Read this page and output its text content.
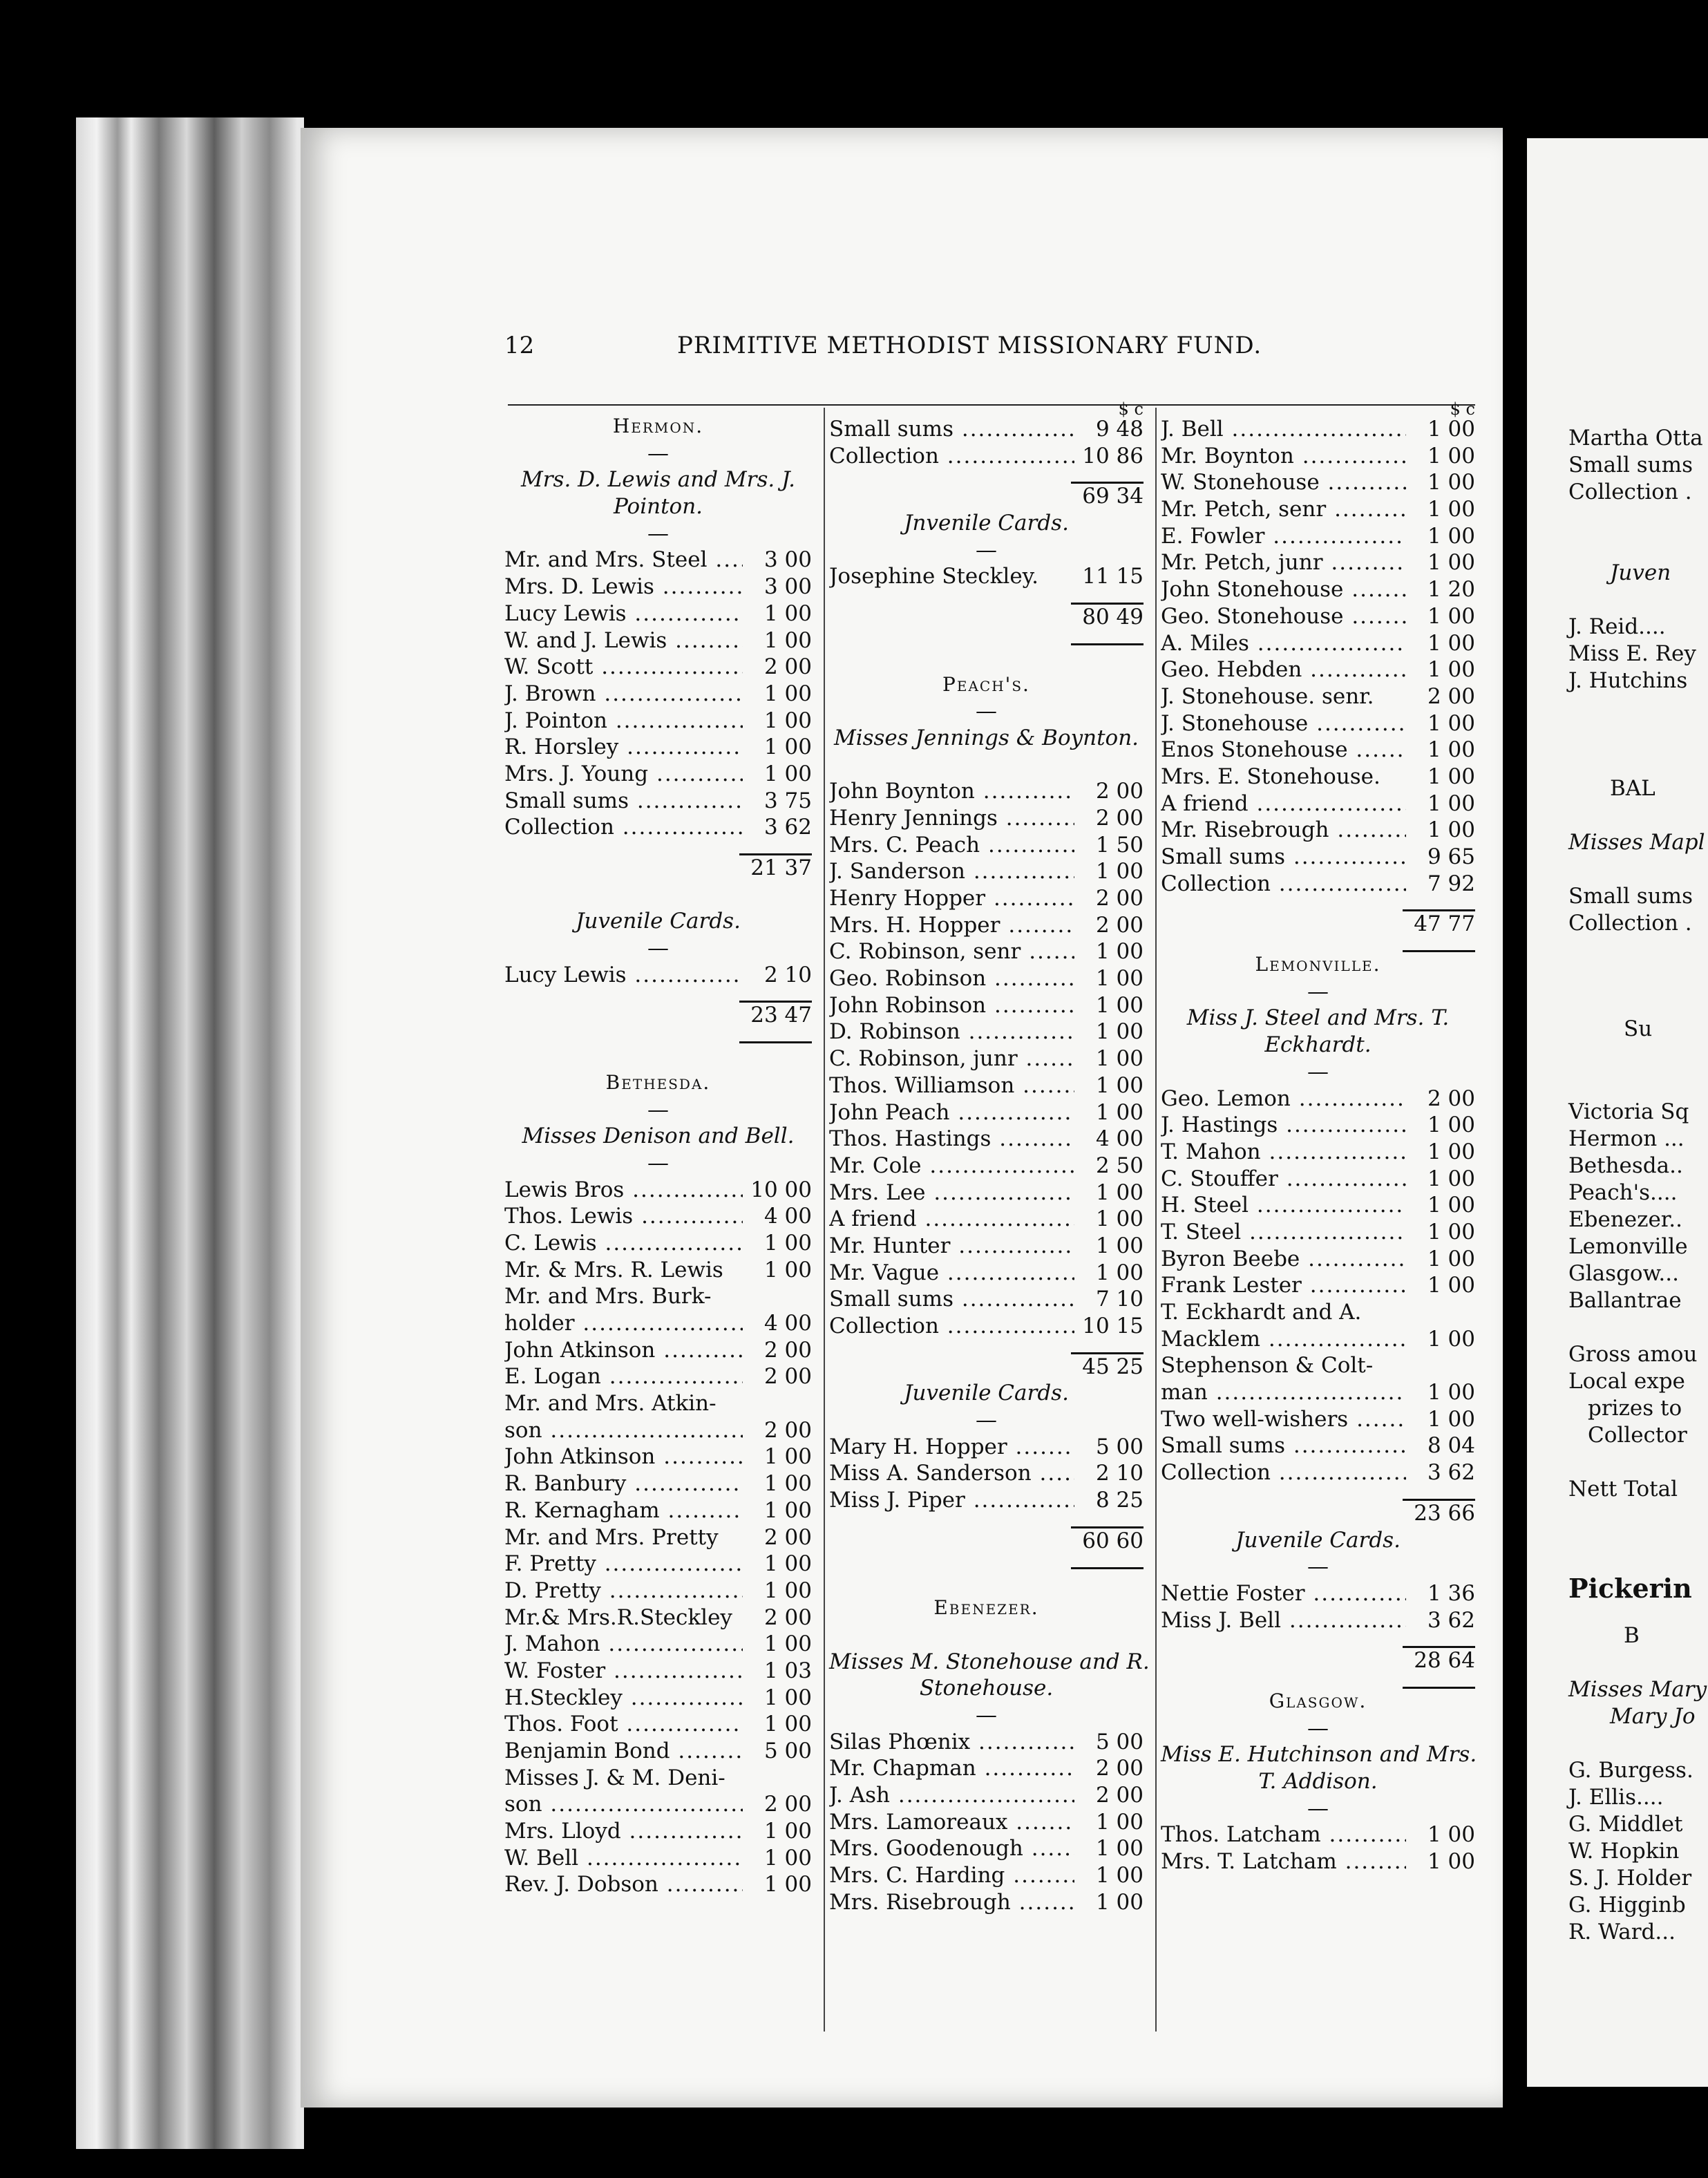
12	PRIMITIVE METHODIST MISSIONARY FUND.
Hermon.
—
Mrs. D. Lewis and Mrs. J.
Pointon.
—
Mr. and Mrs. Steel .....	3 00
Mrs. D. Lewis .....	3 00
Lucy Lewis .....	1 00
W. and J. Lewis .....	1 00
W. Scott .....	2 00
J. Brown .....	1 00
J. Pointon .....	1 00
R. Horsley .....	1 00
Mrs. J. Young .....	1 00
Small sums .....	3 75
Collection .....	3 62
21 37
Juvenile Cards.
—
Lucy Lewis .....	2 10
23 47
Bethesda.
—
Misses Denison and Bell.
—
Lewis Bros .....	10 00
Thos. Lewis .....	4 00
C. Lewis .....	1 00
Mr. & Mrs. R. Lewis	1 00
Mr. and Mrs. Burk-
holder .....	4 00
John Atkinson .....	2 00
E. Logan .....	2 00
Mr. and Mrs. Atkin-
son .....	2 00
John Atkinson .....	1 00
R. Banbury .....	1 00
R. Kernagham .....	1 00
Mr. and Mrs. Pretty	2 00
F. Pretty .....	1 00
D. Pretty .....	1 00
Mr.& Mrs.R.Steckley	2 00
J. Mahon .....	1 00
W. Foster .....	1 03
H.Steckley .....	1 00
Thos. Foot .....	1 00
Benjamin Bond .....	5 00
Misses J. & M. Deni-
son .....	2 00
Mrs. Lloyd .....	1 00
W. Bell .....	1 00
Rev. J. Dobson .....	1 00
$ c
Small sums .....	9 48
Collection .....	10 86
69 34
Jnvenile Cards.
—
Josephine Steckley.	11 15
80 49
Peach's.
—
Misses Jennings & Boynton.
John Boynton .....	2 00
Henry Jennings .....	2 00
Mrs. C. Peach .....	1 50
J. Sanderson .....	1 00
Henry Hopper .....	2 00
Mrs. H. Hopper .....	2 00
C. Robinson, senr .....	1 00
Geo. Robinson .....	1 00
John Robinson .....	1 00
D. Robinson .....	1 00
C. Robinson, junr .....	1 00
Thos. Williamson .....	1 00
John Peach .....	1 00
Thos. Hastings .....	4 00
Mr. Cole .....	2 50
Mrs. Lee .....	1 00
A friend .....	1 00
Mr. Hunter .....	1 00
Mr. Vague .....	1 00
Small sums .....	7 10
Collection .....	10 15
45 25
Juvenile Cards.
—
Mary H. Hopper .....	5 00
Miss A. Sanderson .....	2 10
Miss J. Piper .....	8 25
60 60
Ebenezer.
Misses M. Stonehouse and R.
Stonehouse.
—
Silas Phœnix .....	5 00
Mr. Chapman .....	2 00
J. Ash .....	2 00
Mrs. Lamoreaux .....	1 00
Mrs. Goodenough .....	1 00
Mrs. C. Harding .....	1 00
Mrs. Risebrough .....	1 00
$ c
J. Bell .....	1 00
Mr. Boynton .....	1 00
W. Stonehouse .....	1 00
Mr. Petch, senr .....	1 00
E. Fowler .....	1 00
Mr. Petch, junr .....	1 00
John Stonehouse .....	1 20
Geo. Stonehouse .....	1 00
A. Miles .....	1 00
Geo. Hebden .....	1 00
J. Stonehouse. senr.	2 00
J. Stonehouse .....	1 00
Enos Stonehouse .....	1 00
Mrs. E. Stonehouse.	1 00
A friend .....	1 00
Mr. Risebrough .....	1 00
Small sums .....	9 65
Collection .....	7 92
47 77
Lemonville.
—
Miss J. Steel and Mrs. T.
Eckhardt.
—
Geo. Lemon .....	2 00
J. Hastings .....	1 00
T. Mahon .....	1 00
C. Stouffer .....	1 00
H. Steel .....	1 00
T. Steel .....	1 00
Byron Beebe .....	1 00
Frank Lester .....	1 00
T. Eckhardt and A.
Macklem .....	1 00
Stephenson & Colt-
man .....	1 00
Two well-wishers .....	1 00
Small sums .....	8 04
Collection .....	3 62
23 66
Juvenile Cards.
—
Nettie Foster .....	1 36
Miss J. Bell .....	3 62
28 64
Glasgow.
—
Miss E. Hutchinson and Mrs.
T. Addison.
—
Thos. Latcham .....	1 00
Mrs. T. Latcham .....	1 00
Martha Otta
Small sums
Collection .
Juven
J. Reid....
Miss E. Rey
J. Hutchins
BAL
Misses Mapl
Small sums
Collection .
Su
Victoria Sq
Hermon ...
Bethesda..
Peach's....
Ebenezer..
Lemonville
Glasgow...
Ballantrae
Gross amou
Local expe
prizes to
Collector
Nett Total
Pickerin
B
Misses Mary
Mary Jo
G. Burgess.
J. Ellis....
G. Middlet
W. Hopkin
S. J. Holder
G. Higginb
R. Ward...
